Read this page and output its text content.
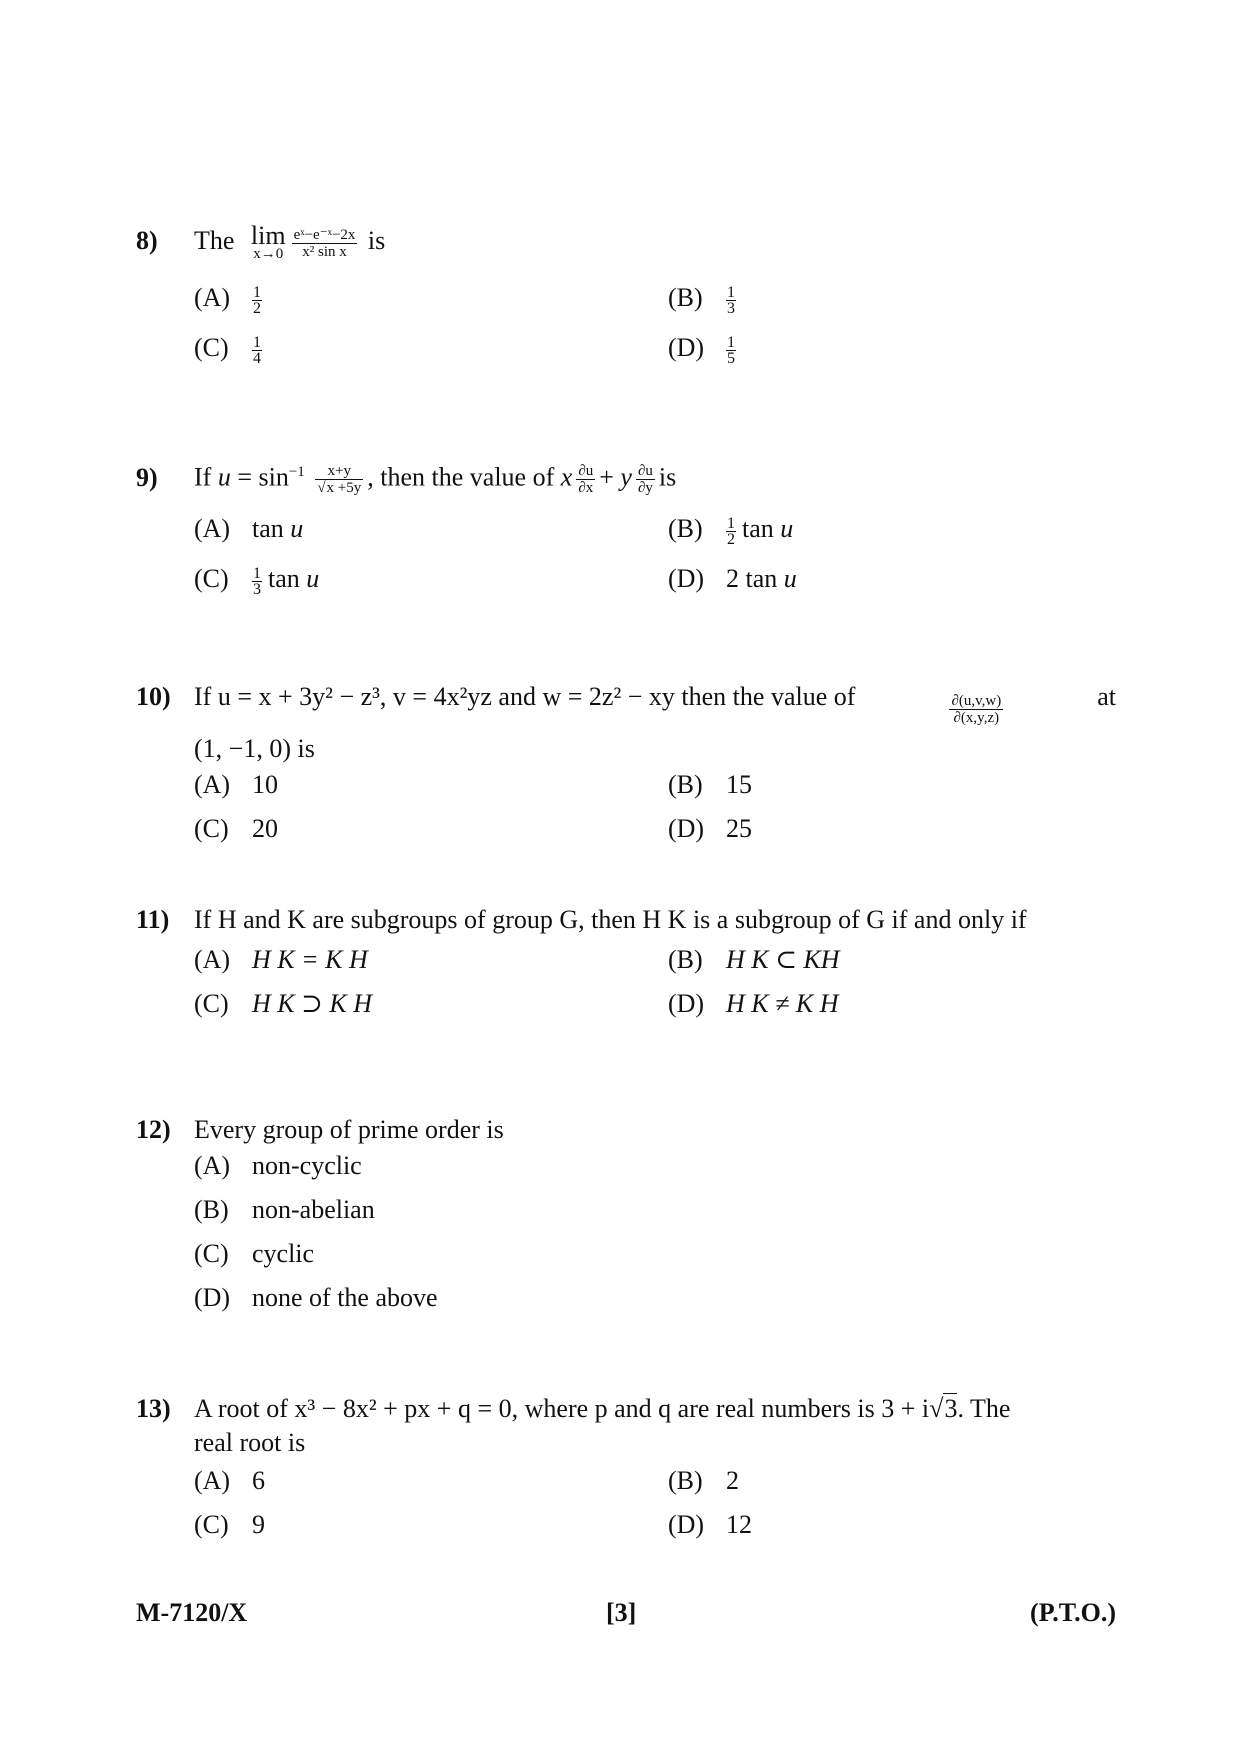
8)	The lim
$x\to 0 \frac{\text{eˣ−e⁻ˣ−2x}}{\text{x² sin x}}$ is
$(A) \frac{1}{2}$	$(B) \frac{1}{3}$
$(C) \frac{1}{4}$	$(D) \frac{1}{5}$
9)	If $u = \sin^{-1} \frac{x+y}{√x +5y}$ , then the value of x $\frac{\partial u}{\partial x} + y \frac{\partial u}{\partial y}$ is
(A) tan u	$(B) \frac{1}{2}$ tan u
$(C) \frac{1}{3}$ tan u	(D) 2 tan u
10) If u = x + 3y² − z³, v = 4x²yz and w = 2z² − xy then the value of	$\frac{\partial(u,v,w)}{\partial(x,y,z)}$	at
(1, −1, 0) is
(A) 10	(B) 15
(C) 20	(D) 25
11) If H and K are subgroups of group G, then H K is a subgroup of G if and only if
(A) H K = K H	(B) H K ⊂ KH
(C) H K ⊃ K H	(D) H K ≠ K H
12) Every group of prime order is
(A) non-cyclic
(B) non-abelian
(C) cyclic
(D) none of the above
13) A root of x³ − 8x² + px + q = 0, where p and q are real numbers is 3 + i√3. The
real root is
(A) 6	(B) 2
(C) 9	(D) 12
M-7120/X	[3]	(P.T.O.)
